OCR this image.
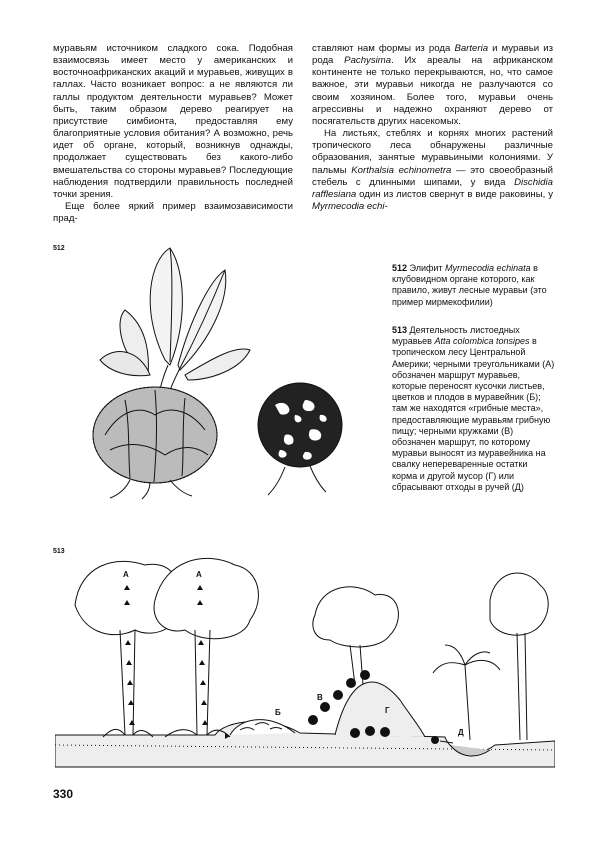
муравьям источником сладкого сока. Подобная взаимосвязь имеет место у американских и восточноафриканских акаций и муравьев, живущих в галлах. Часто возникает вопрос: а не являются ли галлы продуктом деятельности муравьев? Может быть, таким образом дерево реагирует на присутствие симбионта, предоставляя ему благоприятные условия обитания? А возможно, речь идет об органе, который, возникнув однажды, продолжает существовать без какого-либо вмешательства со стороны муравьев? Последующие наблюдения подтвердили правильность последней точки зрения.

Еще более яркий пример взаимозависимости прад-

ставляют нам формы из рода Barteria и муравьи из рода Pachysima. Их ареалы на африканском континенте не только перекрываются, но, что самое важное, эти муравьи никогда не разлучаются со своим хозяином. Более того, муравьи очень агрессивны и надежно охраняют дерево от посягательств других насекомых.

На листьях, стеблях и корнях многих растений тропического леса обнаружены различные образования, занятые муравьиными колониями. У пальмы Korthalsia echinometra — это своеобразный стебель с длинными шипами, у вида Dischidia rafflesiana один из листов свернут в виде раковины, у Myrmecodia echi-

512
512 Элифит Myrmecodia echinata в клубовидном органе которого, как правило, живут лесные муравьи (это пример мирмекофилии)
513 Деятельность листоедных муравьев Atta colombica tonsipes в тропическом лесу Центральной Америки; черными треугольниками (А) обозначен маршрут муравьев, которые переносят кусочки листьев, цветков и плодов в муравейник (Б); там же находятся «грибные места», предоставляющие муравьям грибную пищу; черными кружками (В) обозначен маршрут, по которому муравьи выносят из муравейника на свалку непереваренные остатки корма и другой мусор (Г) или сбрасывают отходы в ручей (Д)
513
А	А
Б	Г
В
Д
330
